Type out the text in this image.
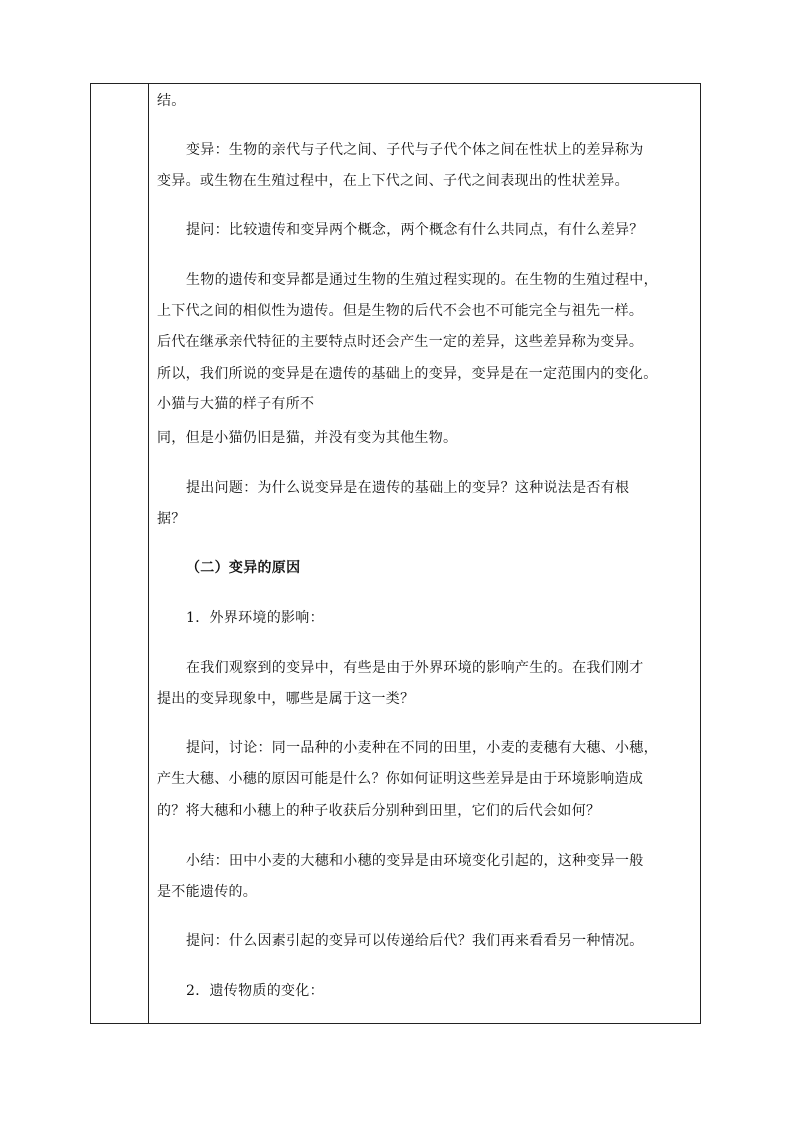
结。
变异：生物的亲代与子代之间、子代与子代个体之间在性状上的差异称为
变异。或生物在生殖过程中，在上下代之间、子代之间表现出的性状差异。
提问：比较遗传和变异两个概念，两个概念有什么共同点，有什么差异？
生物的遗传和变异都是通过生物的生殖过程实现的。在生物的生殖过程中，
上下代之间的相似性为遗传。但是生物的后代不会也不可能完全与祖先一样。
后代在继承亲代特征的主要特点时还会产生一定的差异，这些差异称为变异。
所以，我们所说的变异是在遗传的基础上的变异，变异是在一定范围内的变化。
小猫与大猫的样子有所不
同，但是小猫仍旧是猫，并没有变为其他生物。
提出问题：为什么说变异是在遗传的基础上的变异？这种说法是否有根
据？
（二）变异的原因
1．外界环境的影响：
在我们观察到的变异中，有些是由于外界环境的影响产生的。在我们刚才
提出的变异现象中，哪些是属于这一类？
提问，讨论：同一品种的小麦种在不同的田里，小麦的麦穗有大穗、小穗，
产生大穗、小穗的原因可能是什么？你如何证明这些差异是由于环境影响造成
的？将大穗和小穗上的种子收获后分别种到田里，它们的后代会如何？
小结：田中小麦的大穗和小穗的变异是由环境变化引起的，这种变异一般
是不能遗传的。
提问：什么因素引起的变异可以传递给后代？我们再来看看另一种情况。
2．遗传物质的变化：
